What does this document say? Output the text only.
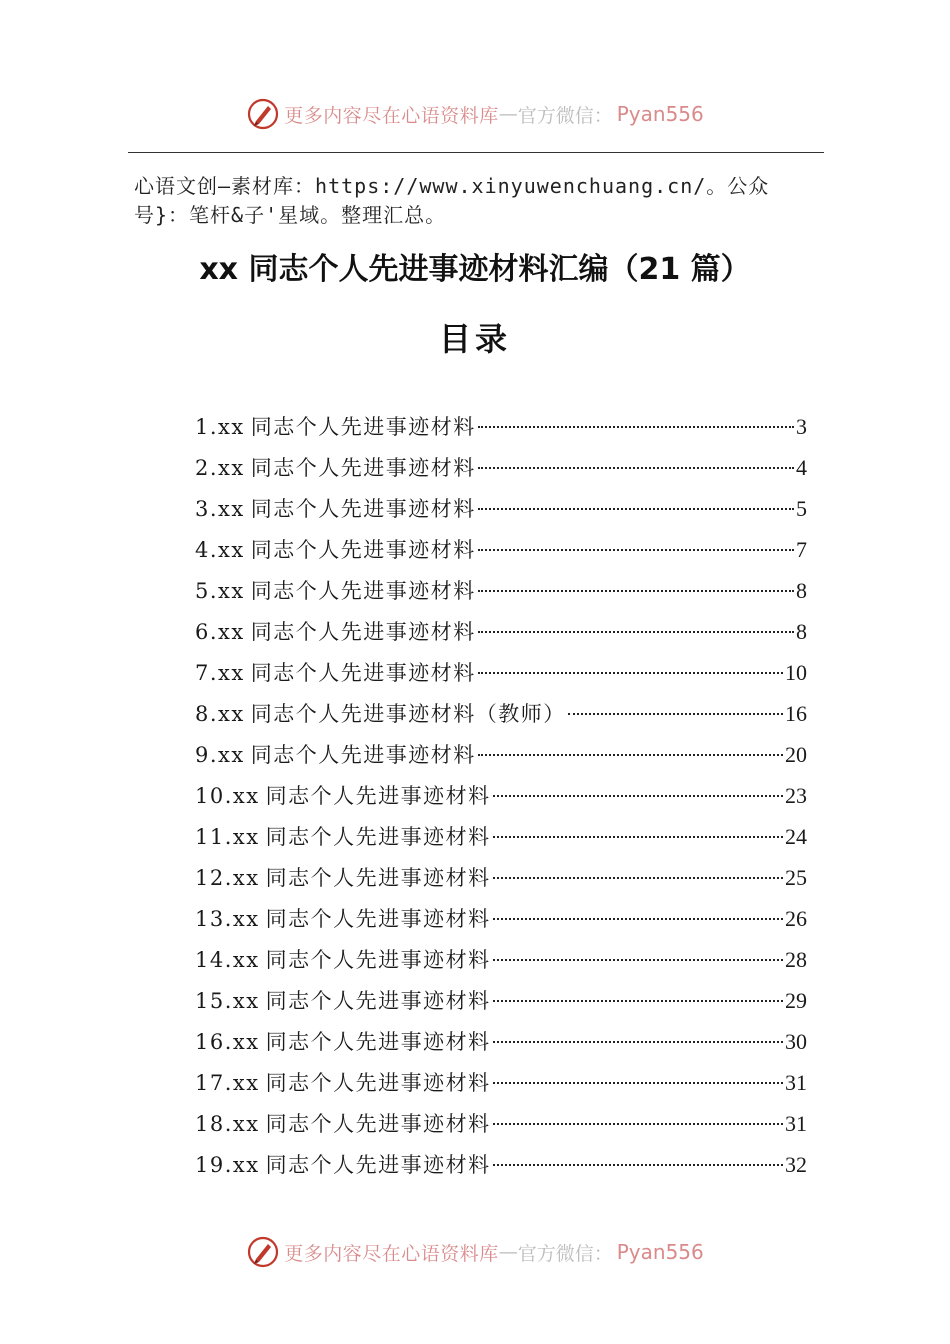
更多内容尽在心语资料库 — 官方微信： Pyan556
心语文创—素材库：https://www.xinyuwenchuang.cn/。公众号}：笔杆&子'星域。整理汇总。
xx 同志个人先进事迹材料汇编（21 篇）
目录
1.xx 同志个人先进事迹材料	3
2.xx 同志个人先进事迹材料	4
3.xx 同志个人先进事迹材料	5
4.xx 同志个人先进事迹材料	7
5.xx 同志个人先进事迹材料	8
6.xx 同志个人先进事迹材料	8
7.xx 同志个人先进事迹材料	10
8.xx 同志个人先进事迹材料（教师）	16
9.xx 同志个人先进事迹材料	20
10.xx 同志个人先进事迹材料	23
11.xx 同志个人先进事迹材料	24
12.xx 同志个人先进事迹材料	25
13.xx 同志个人先进事迹材料	26
14.xx 同志个人先进事迹材料	28
15.xx 同志个人先进事迹材料	29
16.xx 同志个人先进事迹材料	30
17.xx 同志个人先进事迹材料	31
18.xx 同志个人先进事迹材料	31
19.xx 同志个人先进事迹材料	32
更多内容尽在心语资料库 — 官方微信： Pyan556
